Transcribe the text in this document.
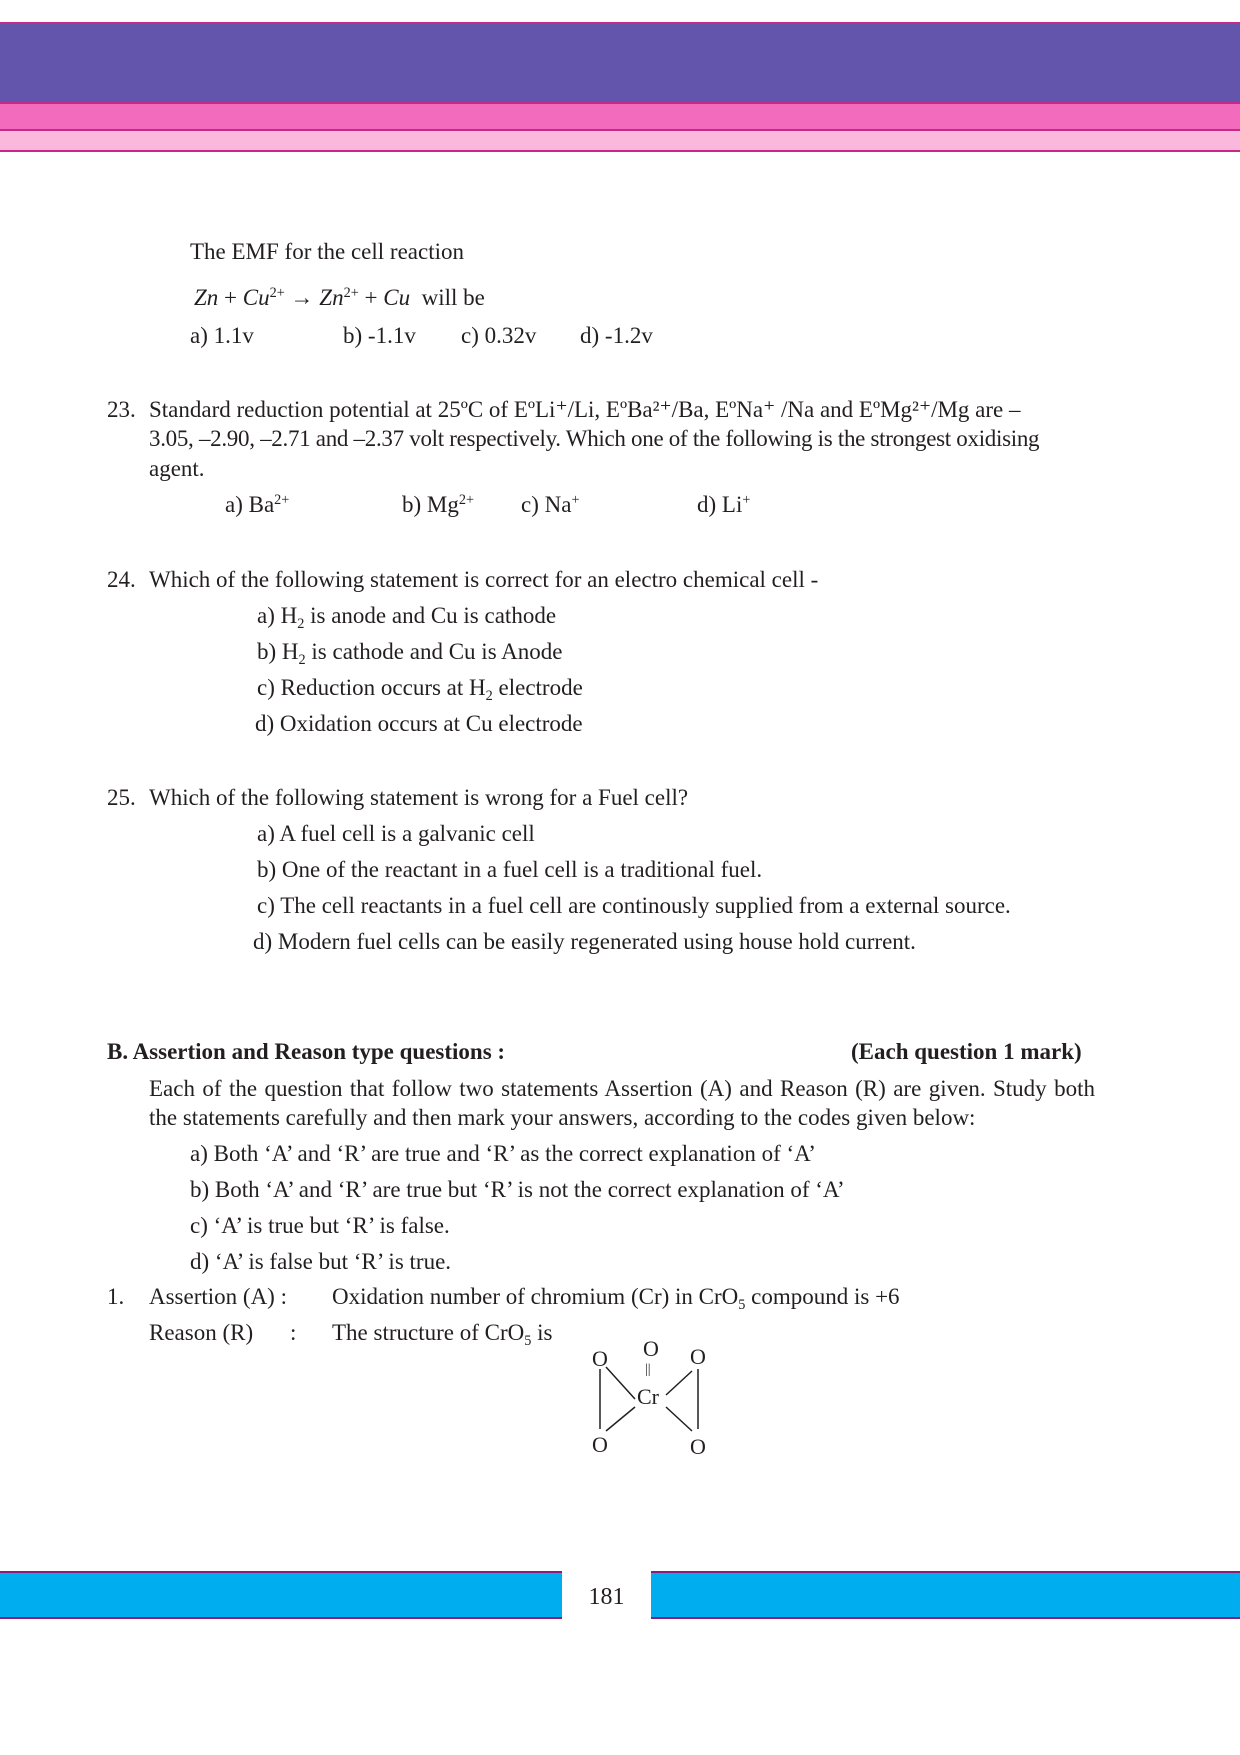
The EMF for the cell reaction
$Zn + Cu^{2+} \to Zn^{2+} + Cu$ will be
a) 1.1v	b) -1.1v c) 0.32v d) -1.2v
23. Standard reduction potential at 25ºC of EºLi⁺/Li, EºBa²⁺/Ba, EºNa⁺ /Na and EºMg²⁺/Mg are –
3.05, –2.90, –2.71 and –2.37 volt respectively. Which one of the following is the strongest oxidising
agent.
a) $Ba^{2+}$	b) $Mg^{2+}$ c) Na+	d) Li+
24. Which of the following statement is correct for an electro chemical cell -
a) $H_2$ is anode and Cu is cathode
b) $H_2$ is cathode and Cu is Anode
c) Reduction occurs at $H_2$ electrode
d) Oxidation occurs at Cu electrode
25. Which of the following statement is wrong for a Fuel cell?
a) A fuel cell is a galvanic cell
b) One of the reactant in a fuel cell is a traditional fuel.
c) The cell reactants in a fuel cell are continously supplied from a external source.
d) Modern fuel cells can be easily regenerated using house hold current.
B. Assertion and Reason type questions :	(Each question 1 mark)
Each of the question that follow two statements Assertion (A) and Reason (R) are given. Study both the statements carefully and then mark your answers, according to the codes given below:
a) Both ‘A’ and ‘R’ are true and ‘R’ as the correct explanation of ‘A’
b) Both ‘A’ and ‘R’ are true but ‘R’ is not the correct explanation of ‘A’
c) ‘A’ is true but ‘R’ is false.
d) ‘A’ is false but ‘R’ is true.
1. Assertion (A) : Oxidation number of chromium (Cr) in CrO$_5$ compound is +6
Reason (R) : The structure of CrO$_5$ is
O
||
O	O
Cr
O	O
181
